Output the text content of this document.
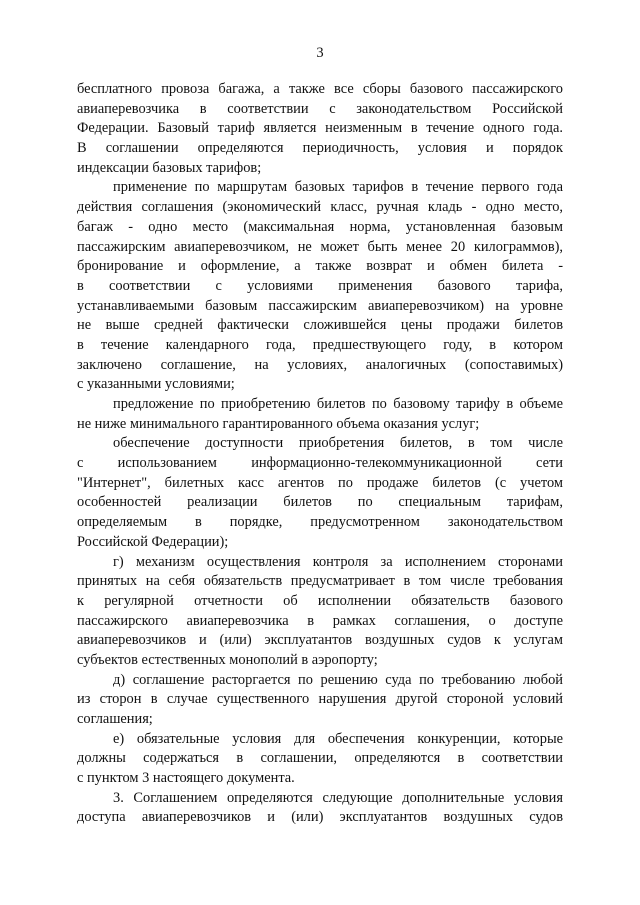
3
бесплатного провоза багажа, а также все сборы базового пассажирского
авиаперевозчика в соответствии с законодательством Российской
Федерации. Базовый тариф является неизменным в течение одного года.
В соглашении определяются периодичность, условия и порядок
индексации базовых тарифов;
применение по маршрутам базовых тарифов в течение первого года
действия соглашения (экономический класс, ручная кладь - одно место,
багаж - одно место (максимальная норма, установленная базовым
пассажирским авиаперевозчиком, не может быть менее 20 килограммов),
бронирование и оформление, а также возврат и обмен билета -
в соответствии с условиями применения базового тарифа,
устанавливаемыми базовым пассажирским авиаперевозчиком) на уровне
не выше средней фактически сложившейся цены продажи билетов
в течение календарного года, предшествующего году, в котором
заключено соглашение, на условиях, аналогичных (сопоставимых)
с указанными условиями;
предложение по приобретению билетов по базовому тарифу в объеме
не ниже минимального гарантированного объема оказания услуг;
обеспечение доступности приобретения билетов, в том числе
с использованием информационно-телекоммуникационной сети
"Интернет", билетных касс агентов по продаже билетов (с учетом
особенностей реализации билетов по специальным тарифам,
определяемым в порядке, предусмотренном законодательством
Российской Федерации);
г) механизм осуществления контроля за исполнением сторонами
принятых на себя обязательств предусматривает в том числе требования
к регулярной отчетности об исполнении обязательств базового
пассажирского авиаперевозчика в рамках соглашения, о доступе
авиаперевозчиков и (или) эксплуатантов воздушных судов к услугам
субъектов естественных монополий в аэропорту;
д) соглашение расторгается по решению суда по требованию любой
из сторон в случае существенного нарушения другой стороной условий
соглашения;
е) обязательные условия для обеспечения конкуренции, которые
должны содержаться в соглашении, определяются в соответствии
с пунктом 3 настоящего документа.
3. Соглашением определяются следующие дополнительные условия
доступа авиаперевозчиков и (или) эксплуатантов воздушных судов
